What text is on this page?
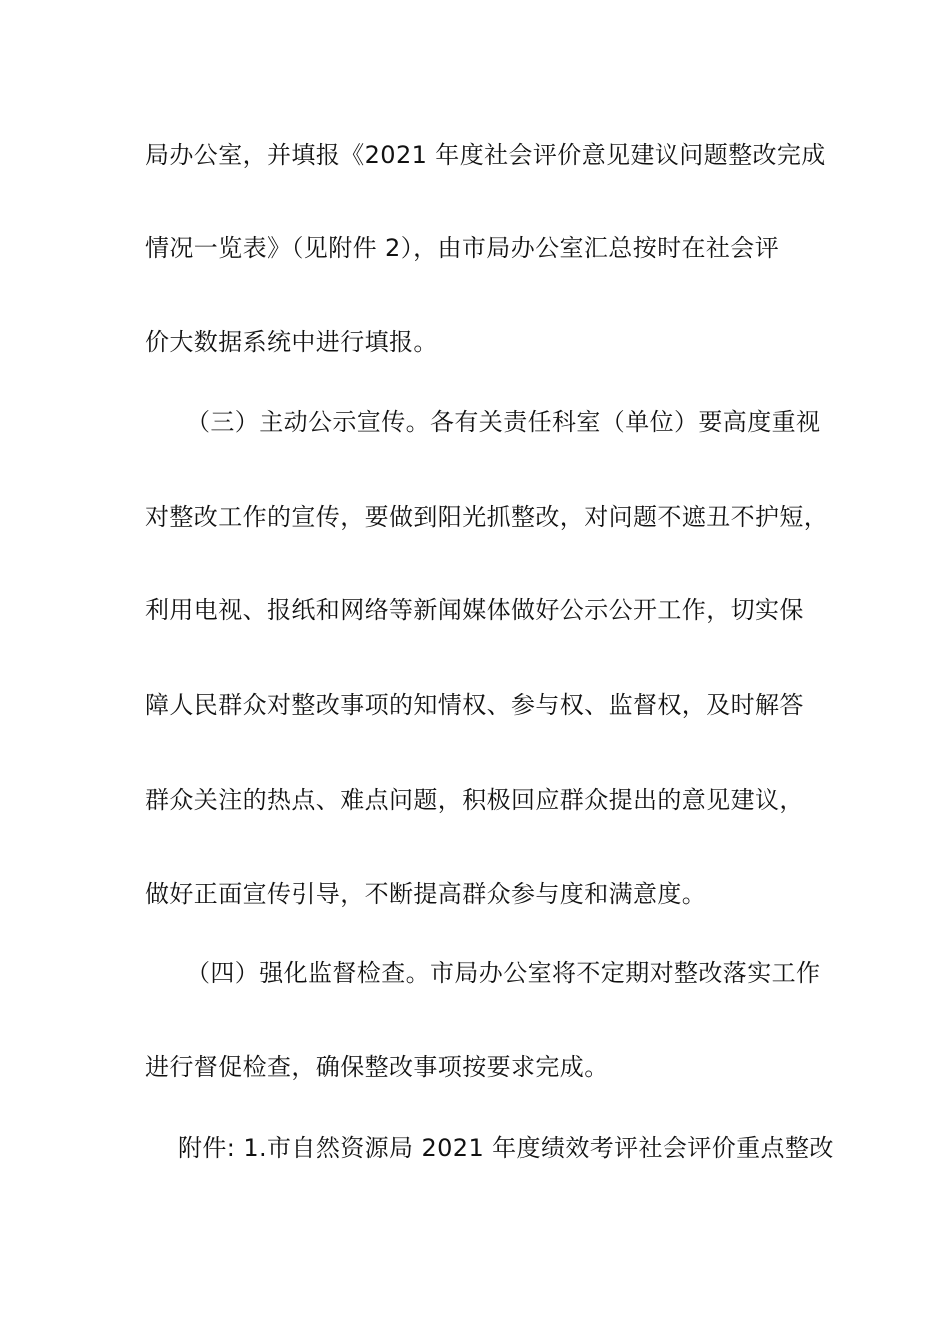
局办公室，并填报《2021 年度社会评价意见建议问题整改完成
情况一览表》（见附件 2），由市局办公室汇总按时在社会评
价大数据系统中进行填报。
（三）主动公示宣传。各有关责任科室（单位）要高度重视
对整改工作的宣传，要做到阳光抓整改，对问题不遮丑不护短，
利用电视、报纸和网络等新闻媒体做好公示公开工作，切实保
障人民群众对整改事项的知情权、参与权、监督权，及时解答
群众关注的热点、难点问题，积极回应群众提出的意见建议，
做好正面宣传引导，不断提高群众参与度和满意度。
（四）强化监督检查。市局办公室将不定期对整改落实工作
进行督促检查，确保整改事项按要求完成。
附件: 1.市自然资源局 2021 年度绩效考评社会评价重点整改
